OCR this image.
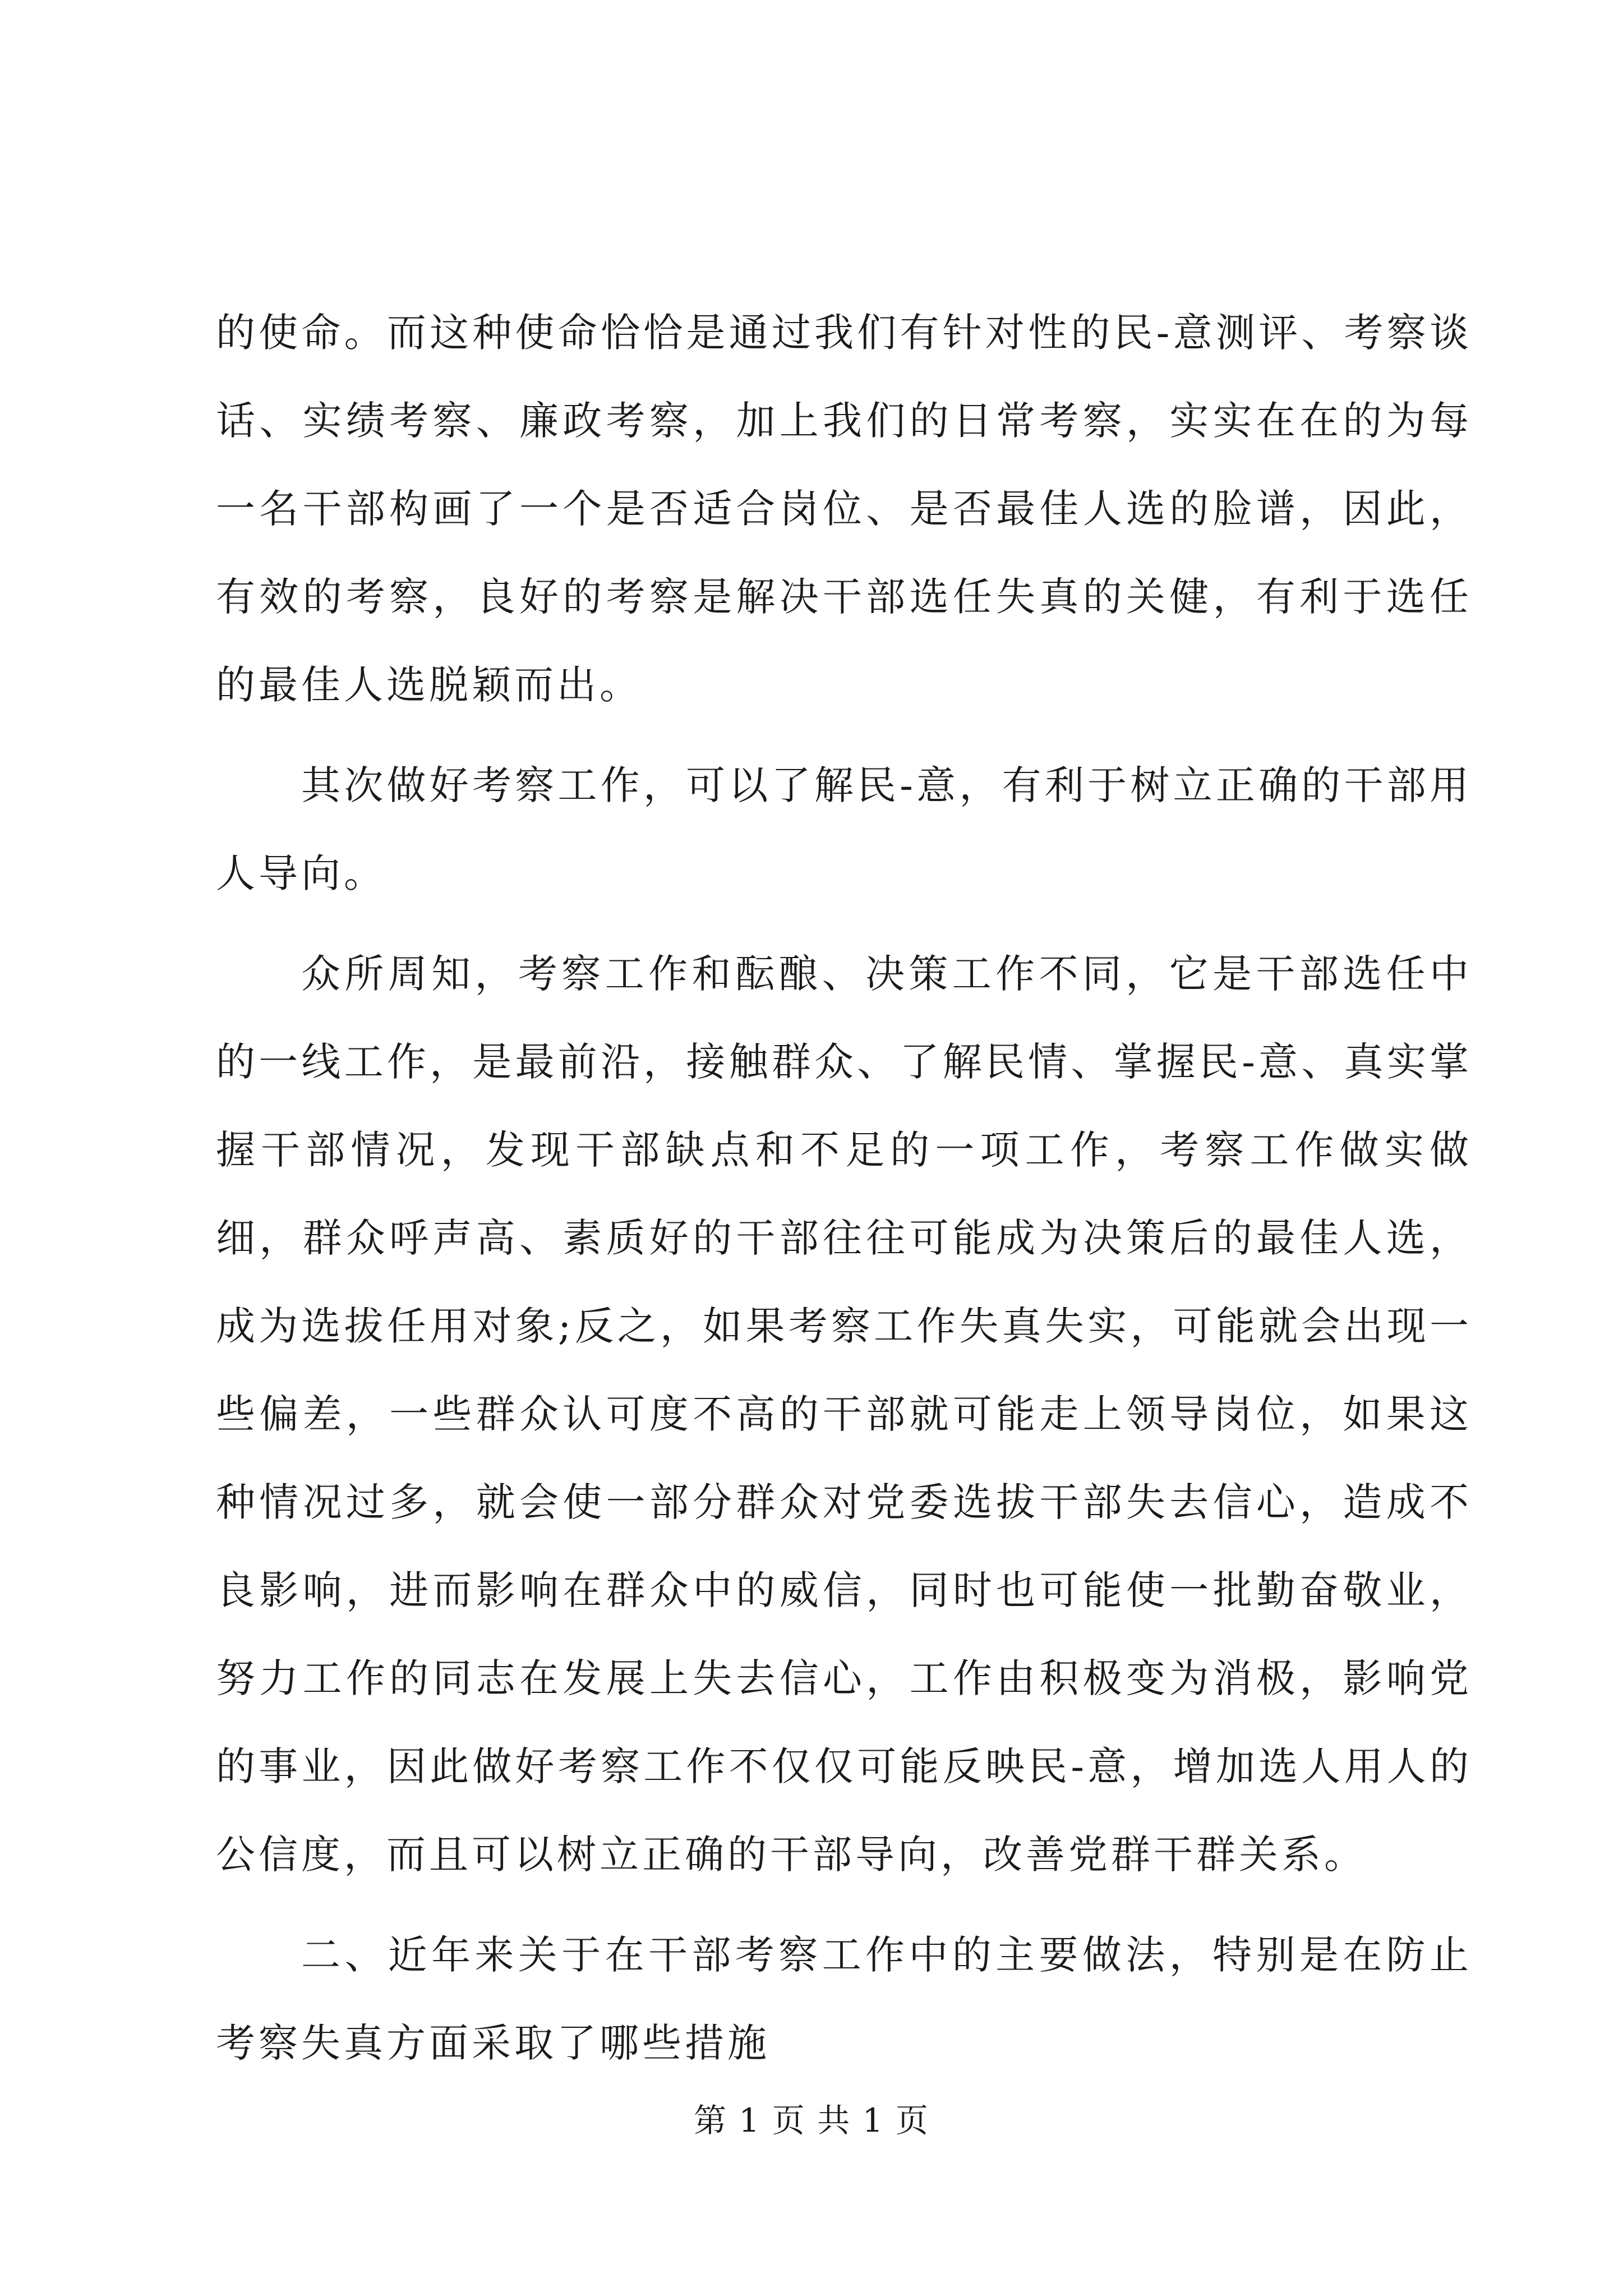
的使命。而这种使命恰恰是通过我们有针对性的民-意测评、考察谈话、实绩考察、廉政考察，加上我们的日常考察，实实在在的为每一名干部构画了一个是否适合岗位、是否最佳人选的脸谱，因此，有效的考察，良好的考察是解决干部选任失真的关健，有利于选任的最佳人选脱颖而出。

其次做好考察工作，可以了解民-意，有利于树立正确的干部用人导向。

众所周知，考察工作和酝酿、决策工作不同，它是干部选任中的一线工作，是最前沿，接触群众、了解民情、掌握民-意、真实掌握干部情况，发现干部缺点和不足的一项工作，考察工作做实做细，群众呼声高、素质好的干部往往可能成为决策后的最佳人选，成为选拔任用对象;反之，如果考察工作失真失实，可能就会出现一些偏差，一些群众认可度不高的干部就可能走上领导岗位，如果这种情况过多，就会使一部分群众对党委选拔干部失去信心，造成不良影响，进而影响在群众中的威信，同时也可能使一批勤奋敬业，努力工作的同志在发展上失去信心，工作由积极变为消极，影响党的事业，因此做好考察工作不仅仅可能反映民-意，增加选人用人的公信度，而且可以树立正确的干部导向，改善党群干群关系。

二、近年来关于在干部考察工作中的主要做法，特别是在防止考察失真方面采取了哪些措施

第 1 页 共 1 页
